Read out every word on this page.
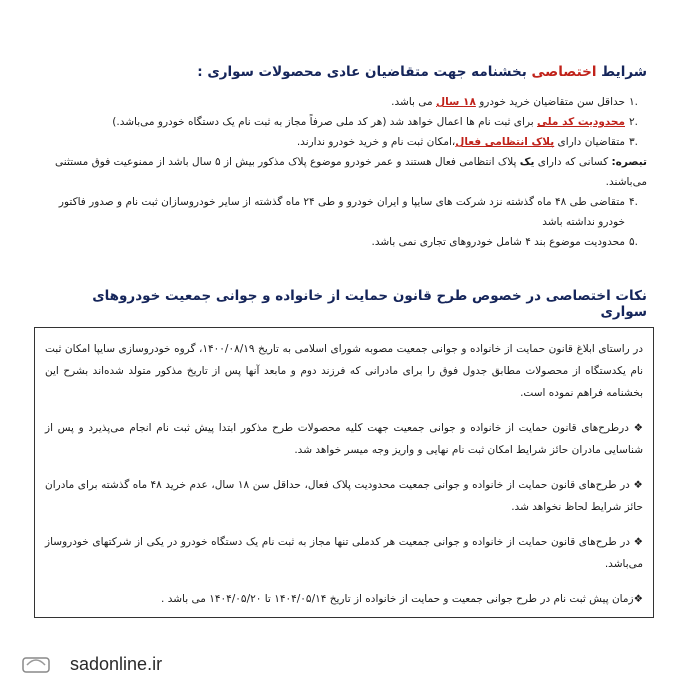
شرایط اختصاصی بخشنامه جهت متقاضیان عادی محصولات سواری :
.۱
حداقل سن متقاضیان خرید خودرو ۱۸ سال می باشد.
.۲
محدودیت کد ملی برای ثبت نام ها اعمال خواهد شد (هر کد ملی صرفاً مجاز به ثبت نام یک دستگاه خودرو می‌باشد.)
.۳
متقاضیان دارای پلاک انتظامی فعال،امکان ثبت نام و خرید خودرو ندارند.
تبصره: کسانی که دارای یک پلاک انتظامی فعال هستند و عمر خودرو موضوع پلاک مذکور بیش از ۵ سال باشد از ممنوعیت فوق مستثنی می‌باشند.
.۴
متقاضی طی ۴۸ ماه گذشته نزد شرکت های سایپا و ایران خودرو و طی ۲۴ ماه گذشته از سایر خودروسازان ثبت نام و صدور فاکتور خودرو نداشته باشد
.۵
محدودیت موضوع بند ۴ شامل خودروهای تجاری نمی باشد.
نکات اختصاصی در خصوص طرح قانون حمایت از خانواده و جوانی جمعیت خودروهای سواری

در راستای ابلاغ قانون حمایت از خانواده و جوانی جمعیت مصوبه شورای اسلامی به تاریخ ۱۴۰۰/۰۸/۱۹، گروه خودروسازی سایپا امکان ثبت نام یکدستگاه از محصولات مطابق جدول فوق را برای مادرانی که فرزند دوم و مابعد آنها پس از تاریخ مذکور متولد شده‌اند بشرح این بخشنامه فراهم نموده است.

❖ درطرح‌های قانون حمایت از خانواده و جوانی جمعیت جهت کلیه محصولات طرح مذکور ابتدا پیش ثبت نام انجام می‌پذیرد و پس از شناسایی مادران حائز شرایط امکان ثبت نام نهایی و واریز وجه میسر خواهد شد.

❖ در طرح‌های قانون حمایت از خانواده و جوانی جمعیت محدودیت پلاک فعال، حداقل سن ۱۸ سال، عدم خرید ۴۸ ماه گذشته برای مادران حائز شرایط لحاظ نخواهد شد.

❖ در طرح‌های قانون حمایت از خانواده و جوانی جمعیت هر کدملی تنها مجاز به ثبت نام یک دستگاه خودرو در یکی از شرکتهای خودروساز می‌باشد.

❖زمان پیش ثبت نام در طرح جوانی جمعیت و حمایت از خانواده از تاریخ ۱۴۰۴/۰۵/۱۴ تا ۱۴۰۴/۰۵/۲۰ می باشد .

sadonline.ir
